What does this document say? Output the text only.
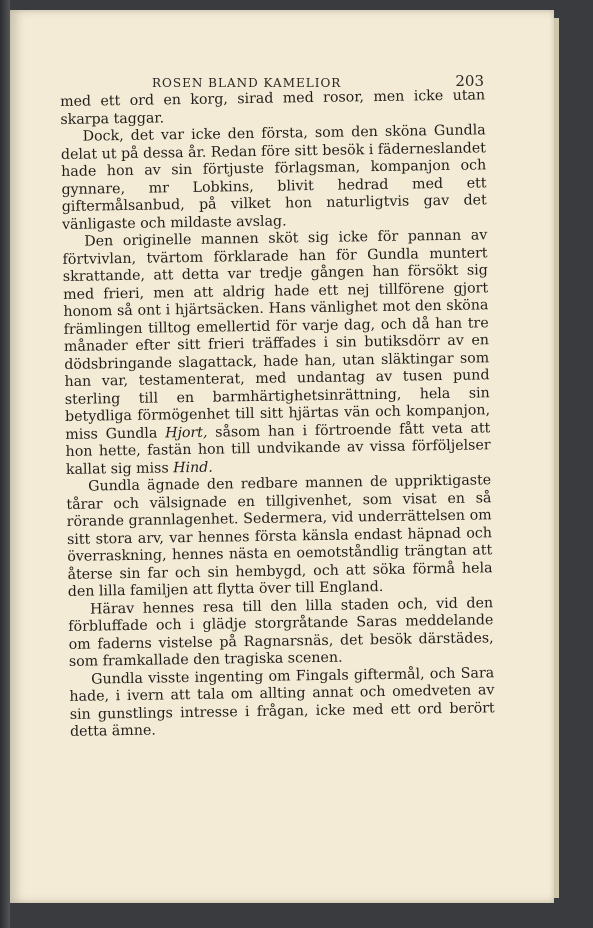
ROSEN BLAND KAMELIOR	203

med ett ord en korg, sirad med rosor, men icke utan skarpa taggar.

Dock, det var icke den första, som den sköna Gundla delat ut på dessa år. Redan före sitt besök i fäderneslandet hade hon av sin förtjuste förlagsman, kompanjon och gynnare, mr Lobkins, blivit hedrad med ett giftermålsanbud, på vilket hon naturligtvis gav det vänligaste och mildaste avslag.

Den originelle mannen sköt sig icke för pannan av förtvivlan, tvärtom förklarade han för Gundla muntert skrattande, att detta var tredje gången han försökt sig med frieri, men att aldrig hade ett nej tillförene gjort honom så ont i hjärtsäcken. Hans vänlighet mot den sköna främlingen tilltog emellertid för varje dag, och då han tre månader efter sitt frieri träffades i sin butiksdörr av en dödsbringande slagattack, hade han, utan släktingar som han var, testamenterat, med undantag av tusen pund sterling till en barmhärtighetsinrättning, hela sin betydliga förmögenhet till sitt hjärtas vän och kompanjon, miss Gundla Hjort, såsom han i förtroende fått veta att hon hette, fastän hon till undvikande av vissa förföljelser kallat sig miss Hind.

Gundla ägnade den redbare mannen de uppriktigaste tårar och välsignade en tillgivenhet, som visat en så rörande grannlagenhet. Sedermera, vid underrättelsen om sitt stora arv, var hennes första känsla endast häpnad och överraskning, hennes nästa en oemotståndlig trängtan att återse sin far och sin hembygd, och att söka förmå hela den lilla familjen att flytta över till England.

Härav hennes resa till den lilla staden och, vid den förbluffade och i glädje storgråtande Saras meddelande om faderns vistelse på Ragnarsnäs, det besök därstädes, som framkallade den tragiska scenen.

Gundla visste ingenting om Fingals giftermål, och Sara hade, i ivern att tala om allting annat och omedveten av sin gunstlings intresse i frågan, icke med ett ord berört detta ämne.
